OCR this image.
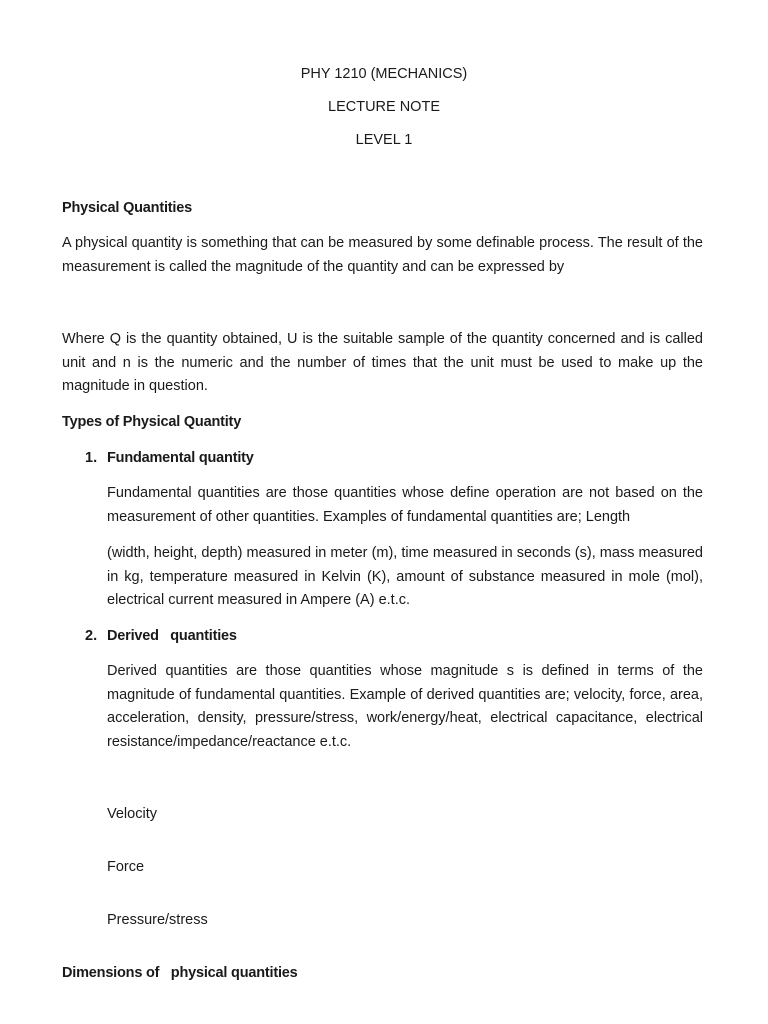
PHY 1210 (MECHANICS)
LECTURE NOTE
LEVEL 1
Physical Quantities
A physical quantity is something that can be measured by some definable process. The result of the measurement is called the magnitude of the quantity and can be expressed by
Where Q is the quantity obtained, U is the suitable sample of the quantity concerned and is called unit and n is the numeric and the number of times that the unit must be used to make up the magnitude in question.
Types of Physical Quantity
1. Fundamental quantity
Fundamental quantities are those quantities whose define operation are not based on the measurement of other quantities. Examples of fundamental quantities are; Length
(width, height, depth) measured in meter (m), time measured in seconds (s), mass measured in kg, temperature measured in Kelvin (K), amount of substance measured in mole (mol), electrical current measured in Ampere (A) e.t.c.
2. Derived   quantities
Derived quantities are those quantities whose magnitude s is defined in terms of the magnitude of fundamental quantities. Example of derived quantities are; velocity, force, area, acceleration, density, pressure/stress, work/energy/heat, electrical capacitance, electrical resistance/impedance/reactance e.t.c.
Velocity
Force
Pressure/stress
Dimensions of   physical quantities
